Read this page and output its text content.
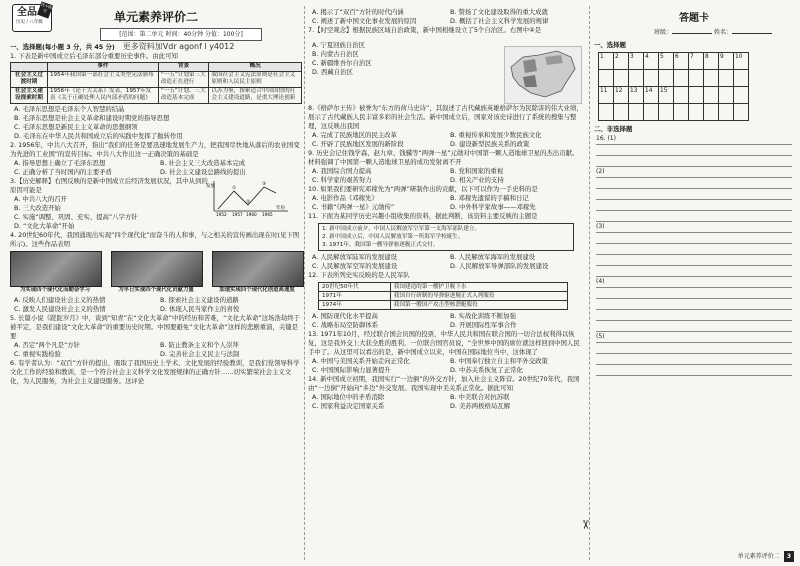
全品
历史 / 八年级
优+练习	单元素养评价二
[范围：第二单元 时间：40分钟 分值：100分]
一、选择题(每小题 3 分，共 45 分) 更多资料加Vdr agonf l y4012
1. 下表是新中国成立后毛泽东部分重要历史事件。由此可知
	事件	背景	概况
社会主义过渡时期	1954年我国第一部社会主义类型宪法颁布	“一五”计划第三大改造正在进行	我国社会主义宪法原则是社会主义原则和人民民主原则
社会主义建设探索时期	1956年《论十大关系》发表，1957年发表《关于正确处理人民内部矛盾的问题》	“一五”计划、三大改造基本完成	以苏为鉴，探索适合中国国情的社会主义建设道路，是重大理论创新
A. 毛泽东思想是毛泽东个人智慧的结晶
B. 毛泽东思想是社会主义革命和建设时期党的指导思想
C. 毛泽东思想是新民主主义革命的思想纲领
D. 毛泽东在中华人民共和国成立后的实践中发挥了抛转作用
2. 1956年，中共八大召开，指出“我们的任务是要迅速地发展生产力，把我国尽快地从落后的农业国变为先进的工业国”的宣传目标。中共八大作出这一正确决策的基础是
A. 指导思想上确立了毛泽东思想	B. 社会主义三大改造基本完成
C. 正确分析了当时国内的主要矛盾	D. 社会主义建设总路线的提出
3.【历史解释】右图反映的是新中国成立后经济发展状况，其中从到的原因可能是
A. 中共八大的召开
B. 三大改造开始
C. 实施“调整、巩固、充实、提高”八字方针
D. “文化大革命”开始
发展
年份
1952 1957 1960 1965
①
②
③
4. 20世纪60年代，我国涌现出实现“四个现代化”而奋斗的人和事，与之相关的宣传画出现在时(见下图所示)。这些作品表明
为实现四个现代化而勤奋学习	为早日实现四个现代化贡献力量	加速实现四个现代化创造高速度
A. 反映人们建设社会主义的热情	B. 探索社会主义建设的道路
C. 激发人民建设社会主义的热情	D. 体现人民当家作主的喜悦
5. 长篇小说《蹉跎岁月》中，谈到“知青”在“文化大革命”中的经历和苦难，“文化大革命”这场浩劫终于被平定，是我们建设“文化大革命”的重要历史时期。中国要避免“文化大革命”这样的悲剧重演，关键是要
A. 否定“两个凡是”方针	B. 防止教条主义和个人崇拜
C. 重视实践检验	D. 完善社会主义民主与法制
6. 有学者认为：“双百”方针的提出，吸取了我国历史上学术、文化发展的经验教训，是我们党领导科学文化工作的经验和教训，是一个符合社会主义科学文化发展规律的正确方针……切实繁荣社会主义文化，为人民服务，为社会主义建设服务。这评论
A. 揭示了“双百”方针的时代内涵	B. 赞扬了文化建设取得的重大成就
C. 阐述了新中国文化事业发展的原因	D. 概括了社会主义科学发展的规律
7.【时空观念】根据民族区域自治政策，新中国相继设立了5个自治区。右图中④是
A. 宁夏回族自治区
B. 内蒙古自治区
C. 新疆维吾尔自治区
D. 西藏自治区
8.《格萨尔王传》被誉为“东方的荷马史诗”，其叙述了古代藏族英雄格萨尔为民除害的伟大业绩，展示了古代藏族人民丰富多彩的社会生活。新中国成立后，国家对该史诗进行了系统的搜集与整理，这反映出我国
A. 完成了民族地区的民主改革	B. 重视传承和发展少数民族文化
C. 开辟了民族地区发展的新阶段	D. 建设新型民族关系的政策
9. 历史会记住钱学森、赵九章、钱骥等“两弹一星”元勋对中国第一颗人造地球卫星的杰出贡献。材料强调了中国第一颗人造地球卫星的成功发射离不开
A. 我国综合国力提高	B. 党和国家的重视
C. 科学家的艰苦努力	D. 相关产业的支持
10. 如果我们要研究邓稼先为“两弹”研制作出的贡献，以下可以作为一手史料的是
A. 电影作品《邓稼先》	B. 邓稼先遗留的手稿和日记
C. 书籍“《两弹一星》元勋传”	D. 中外科学家故事——邓稼先
11. 下面为某同学历史兴趣小组收集的资料，据此判断，该资料主要反映的主题是
1. 新中国成立前夕，中国人民解放军空军第一支海军部队建立。
2. 新中国成立后，中国人民解放军第一所海军学校诞生。
3. 1971年，我国第一艘导弹驱逐舰正式交付。
A. 人民解放军陆军的发展建设	B. 人民解放军海军的发展建设
C. 人民解放军空军的发展建设	D. 人民解放军导弹部队的发展建设
12. 下表所列史实反映的是人民军队
20世纪50年代	我国建造的第一艘护卫舰下水
1971年	我国自行研制的导弹驱逐舰正式入列服役
1974年	我国第一艘国产攻击型核潜艇服役
A. 国防现代化水平提高	B. 实战化训练不断加强
C. 战略布局空防御体系	D. 开展国际性军事合作
13. 1971年10月，经过联合国会员国的投票，中华人民共和国在联合国的一切合法权利得以恢复，这是我外交上大获全胜的胜利，一位联合国官员说，“全世界中国的席位就这样回到中国人民手中了。从这里可以看出的是，新中国成立以来，中国在国际地位当中，这体现了
A. 中国与美国关系开始走向正常化	B. 中国奉行独立自主和平外交政策
C. 中国国际影响力显著提升	D. 中苏关系恢复了正常化
14. 新中国成立初期，我国实行“一边倒”的外交方针，加入社会主义阵营。20世纪70年代，我国由“一边倒”开始向“多边”外交发展。我国实现中美关系正常化。据此可知
A. 国际地位中的矛盾消除	B. 中美联合对抗苏联
C. 国家利益决定国家关系	D. 美苏两极格局瓦解
✂
答题卡
班级：	姓名：
一、选择题
1	2	3	4	5	6	7	8	9	10

11	12	13	14	15					

二、非选择题
16. (1)
(2)
(3)
(4)
(5)
单元素养评价二 3
